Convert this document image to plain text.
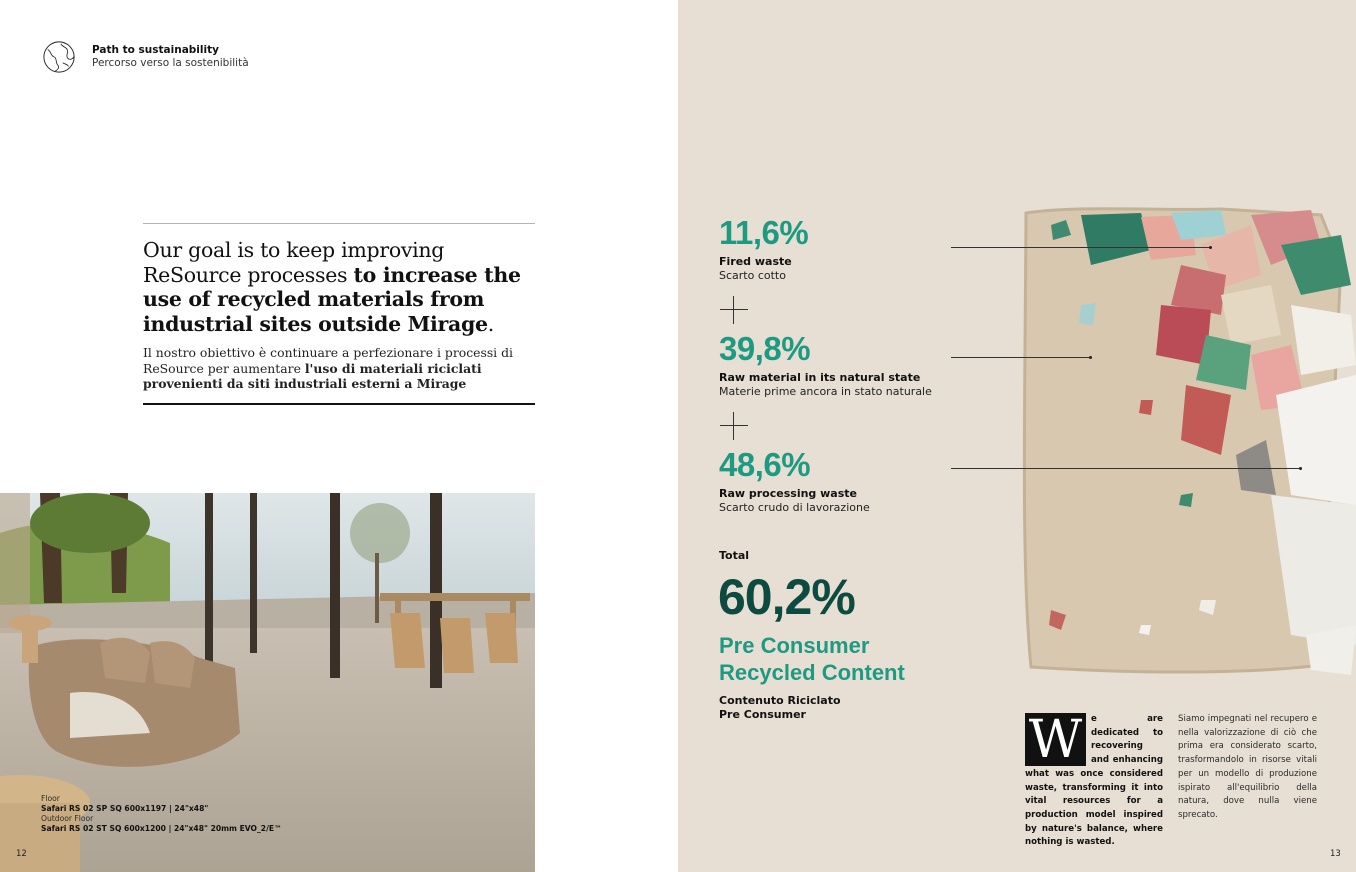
Path to sustainability
Percorso verso la sostenibilità

Our goal is to keep improving ReSource processes to increase the use of recycled materials from industrial sites outside Mirage.

Il nostro obiettivo è continuare a perfezionare i processi di ReSource per aumentare l'uso di materiali riciclati provenienti da siti industriali esterni a Mirage

Floor
Safari RS 02 SP SQ 600x1197 | 24"x48"
Outdoor Floor
Safari RS 02 ST SQ 600x1200 | 24"x48" 20mm EVO_2/E™
12
11,6%
Fired waste
Scarto cotto
39,8%
Raw material in its natural state
Materie prime ancora in stato naturale
48,6%
Raw processing waste
Scarto crudo di lavorazione
Total
60,2%
Pre Consumer
Recycled Content
Contenuto Riciclato
Pre Consumer	W	e are dedicated to recovering and enhancing what was once considered waste, transforming it into vital resources for a production model inspired by nature's balance, where nothing is wasted.
Siamo impegnati nel recupero e nella valorizzazione di ciò che prima era considerato scarto, trasformandolo in risorse vitali per un modello di produzione ispirato all'equilibrio della natura, dove nulla viene sprecato.
13
